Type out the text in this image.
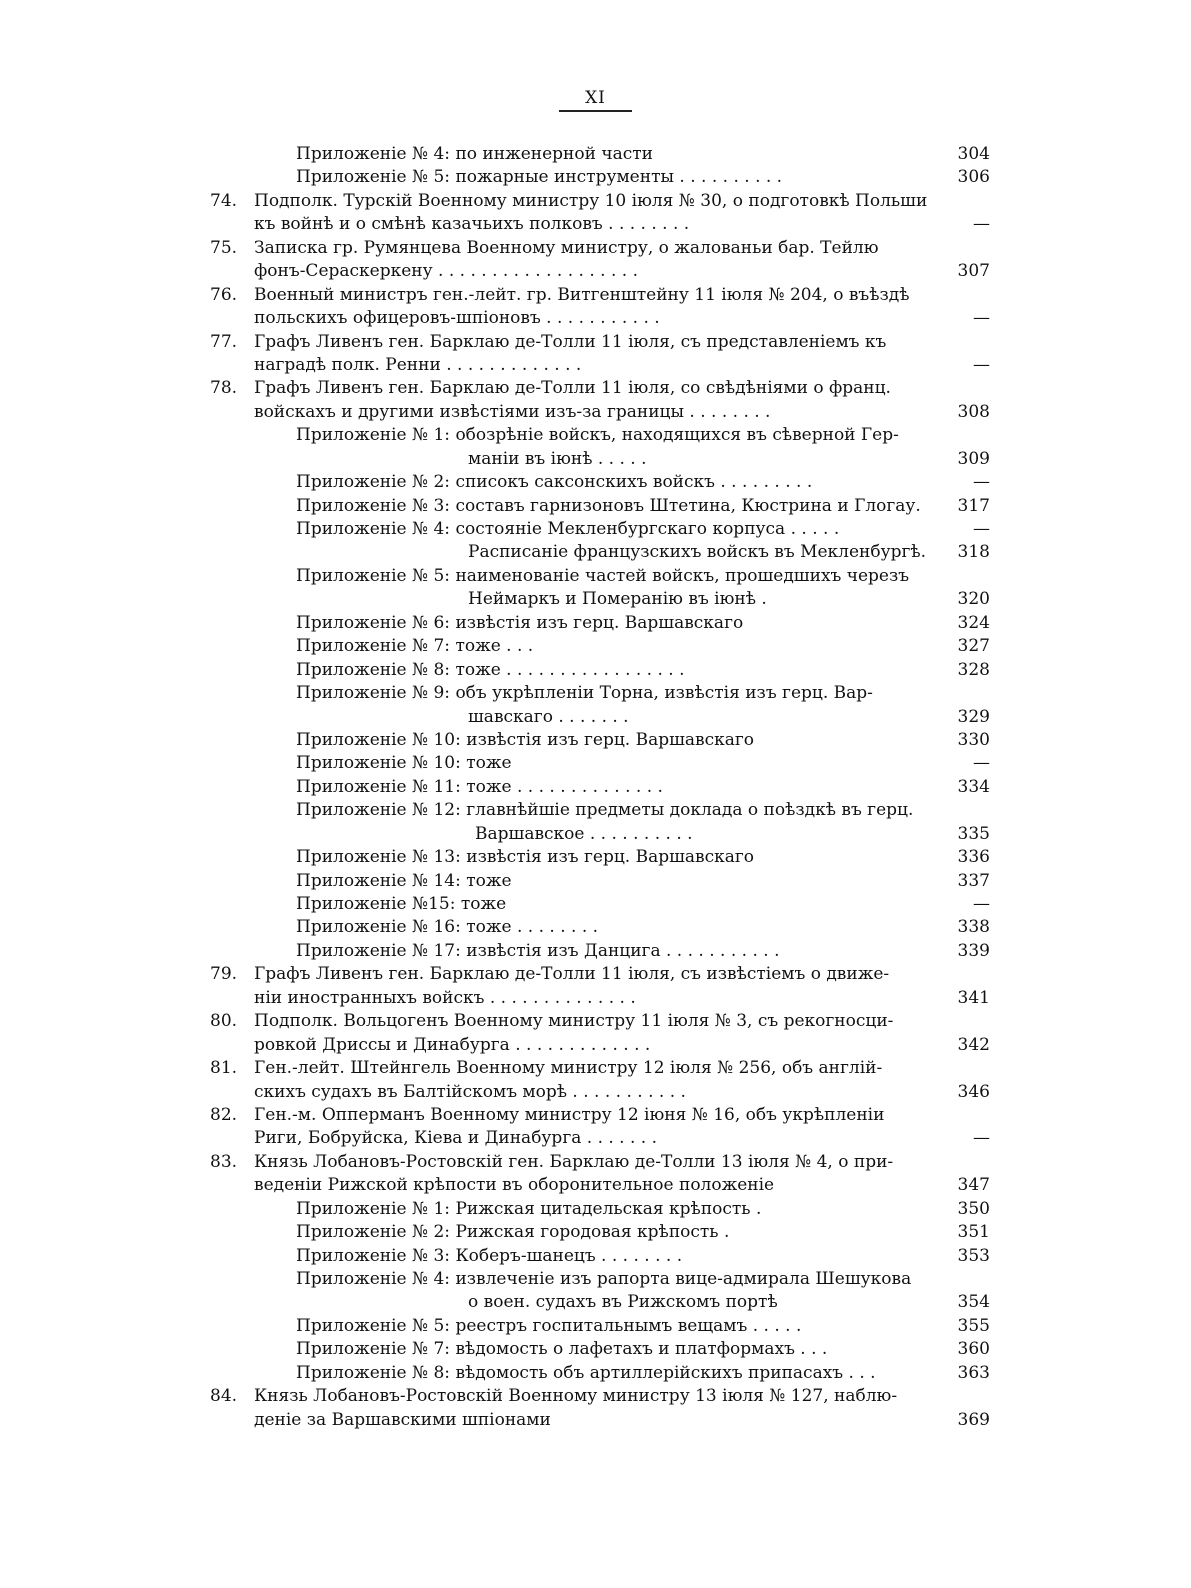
XI
Приложенiе № 4: по инженерной части	304
Приложенiе № 5: пожарные инструменты . . . . . . . . . .	306
74. Подполк. Турскiй Военному министру 10 iюля № 30, о подготовкѣ Польши
къ войнѣ и о смѣнѣ казачьихъ полковъ . . . . . . . .	—
75. Записка гр. Румянцева Военному министру, о жалованьи бар. Тейлю
фонъ-Сераскеркену . . . . . . . . . . . . . . . . . . .	307
76. Военный министръ ген.-лейт. гр. Витгенштейну 11 iюля № 204, о въѣздѣ
польскихъ офицеровъ-шпiоновъ . . . . . . . . . . .	—
77. Графъ Ливенъ ген. Барклаю де-Толли 11 iюля, съ представленiемъ къ
наградѣ полк. Ренни . . . . . . . . . . . . .	—
78. Графъ Ливенъ ген. Барклаю де-Толли 11 iюля, со свѣдѣнiями о франц.
войскахъ и другими извѣстiями изъ-за границы . . . . . . . .	308
Приложенiе № 1: обозрѣнiе войскъ, находящихся въ сѣверной Гер-
манiи въ iюнѣ . . . . .	309
Приложенiе № 2: списокъ саксонскихъ войскъ . . . . . . . . .	—
Приложенiе № 3: составъ гарнизоновъ Штетина, Кюстрина и Глогау.	317
Приложенiе № 4: состоянiе Мекленбургскаго корпуса . . . . .	—
Расписанiе французскихъ войскъ въ Мекленбургѣ.	318
Приложенiе № 5: наименованiе частей войскъ, прошедшихъ черезъ
Неймаркъ и Померанiю въ iюнѣ .	320
Приложенiе № 6: извѣстiя изъ герц. Варшавскаго	324
Приложенiе № 7: тоже . . .	327
Приложенiе № 8: тоже . . . . . . . . . . . . . . . . .	328
Приложенiе № 9: объ укрѣпленiи Торна, извѣстiя изъ герц. Вар-
шавскаго . . . . . . .	329
Приложенiе № 10: извѣстiя изъ герц. Варшавскаго	330
Приложенiе № 10: тоже	—
Приложенiе № 11: тоже . . . . . . . . . . . . . .	334
Приложенiе № 12: главнѣйшiе предметы доклада о поѣздкѣ въ герц.
Варшавское . . . . . . . . . .	335
Приложенiе № 13: извѣстiя изъ герц. Варшавскаго	336
Приложенiе № 14: тоже	337
Приложенiе №15: тоже	—
Приложенiе № 16: тоже . . . . . . . .	338
Приложенiе № 17: извѣстiя изъ Данцига . . . . . . . . . . .	339
79. Графъ Ливенъ ген. Барклаю де-Толли 11 iюля, съ извѣстiемъ о движе-
нiи иностранныхъ войскъ . . . . . . . . . . . . . .	341
80. Подполк. Вольцогенъ Военному министру 11 iюля № 3, съ рекогносци-
ровкой Дриссы и Динабурга . . . . . . . . . . . . .	342
81. Ген.-лейт. Штейнгель Военному министру 12 iюля № 256, объ англiй-
скихъ судахъ въ Балтiйскомъ морѣ . . . . . . . . . . .	346
82. Ген.-м. Опперманъ Военному министру 12 iюня № 16, объ укрѣпленiи
Риги, Бобруйска, Кiева и Динабурга . . . . . . .	—
83. Князь Лобановъ-Ростовскiй ген. Барклаю де-Толли 13 iюля № 4, о при-
веденiи Рижской крѣпости въ оборонительное положенiе	347
Приложенiе № 1: Рижская цитадельская крѣпость .	350
Приложенiе № 2: Рижская городовая крѣпость .	351
Приложенiе № 3: Коберъ-шанецъ . . . . . . . .	353
Приложенiе № 4: извлеченiе изъ рапорта вице-адмирала Шешукова
о воен. судахъ въ Рижскомъ портѣ	354
Приложенiе № 5: реестръ госпитальнымъ вещамъ . . . . .	355
Приложенiе № 7: вѣдомость о лафетахъ и платформахъ . . .	360
Приложенiе № 8: вѣдомость объ артиллерiйскихъ припасахъ . . .	363
84. Князь Лобановъ-Ростовскiй Военному министру 13 iюля № 127, наблю-
денiе за Варшавскими шпiонами	369
